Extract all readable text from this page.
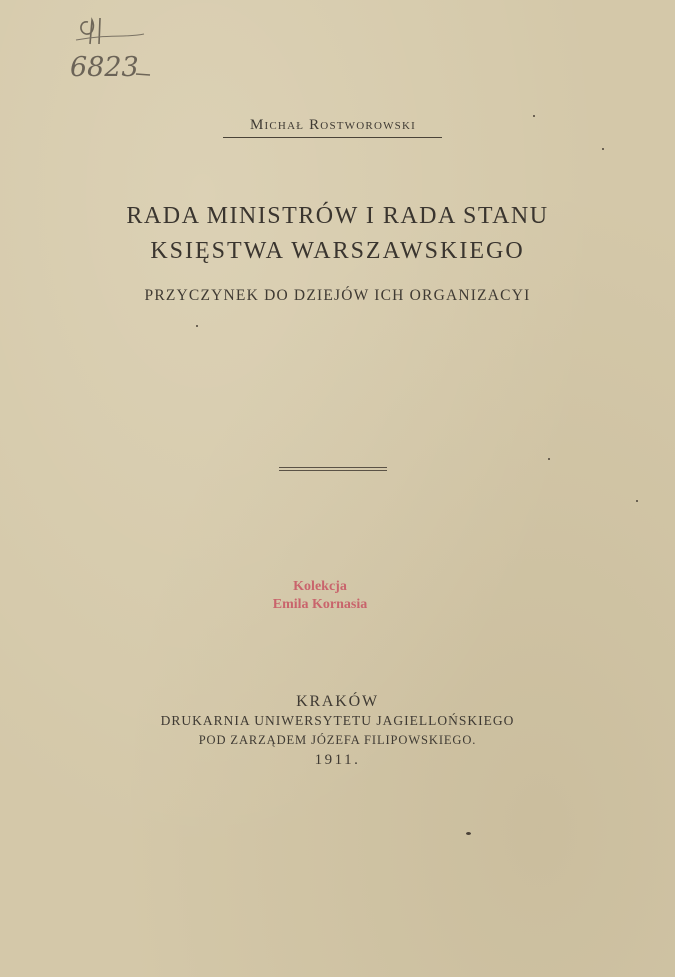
6823
Michał Rostworowski
RADA MINISTRÓW I RADA STANU
KSIĘSTWA WARSZAWSKIEGO
PRZYCZYNEK DO DZIEJÓW ICH ORGANIZACYI
Kolekcja
Emila Kornasia
KRAKÓW
DRUKARNIA UNIWERSYTETU JAGIELLOŃSKIEGO
POD ZARZĄDEM JÓZEFA FILIPOWSKIEGO.
1911.
